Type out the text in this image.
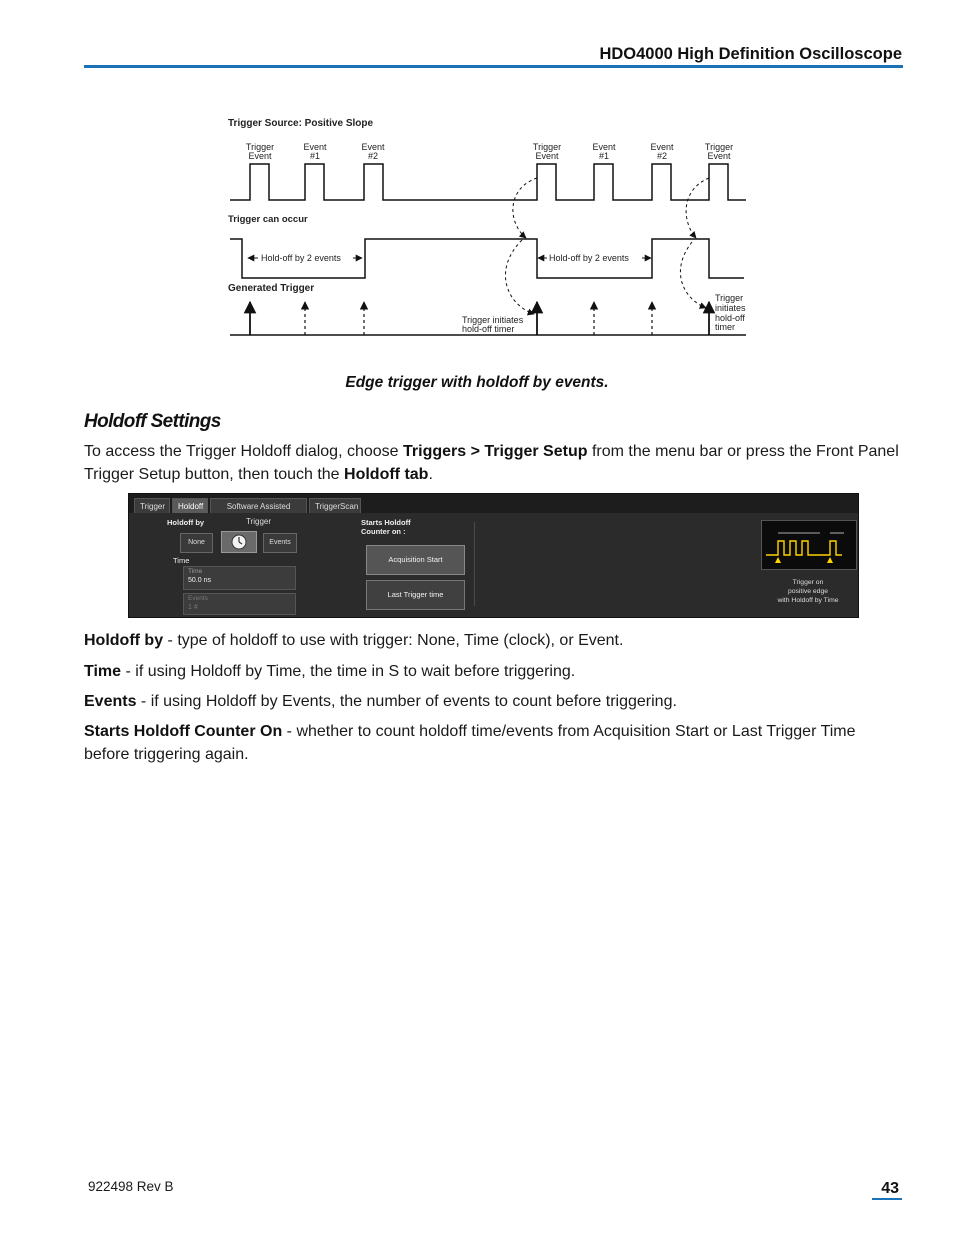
HDO4000 High Definition Oscilloscope
Trigger Source: Positive Slope
Trigger
Event
Event
#1
Event
#2
Trigger
Event
Event
#1
Event
#2
Trigger
Event
Trigger can occur
Hold-off by 2 events	Hold-off by 2 events
Generated Trigger
Trigger initiates
hold-off timer
Trigger
initiates
hold-off
timer
Edge trigger with holdoff by events.
Holdoff Settings
To access the Trigger Holdoff dialog, choose Triggers > Trigger Setup from the menu bar or press the Front Panel Trigger Setup button, then touch the Holdoff tab.
Trigger	Holdoff	Software Assisted Trigger
TriggerScan
Holdoff by
None	Events
Time
Time
50.0 ns
Events
1 #
Starts Holdoff
Counter on :
Acquisition Start
Last Trigger time
Trigger on
positive edge
with Holdoff by Time
Holdoff by - type of holdoff to use with trigger: None, Time (clock), or Event.
Time - if using Holdoff by Time, the time in S to wait before triggering.
Events - if using Holdoff by Events, the number of events to count before triggering.
Starts Holdoff Counter On - whether to count holdoff time/events from Acquisition Start or Last Trigger Time before triggering again.
922498 Rev B	43
